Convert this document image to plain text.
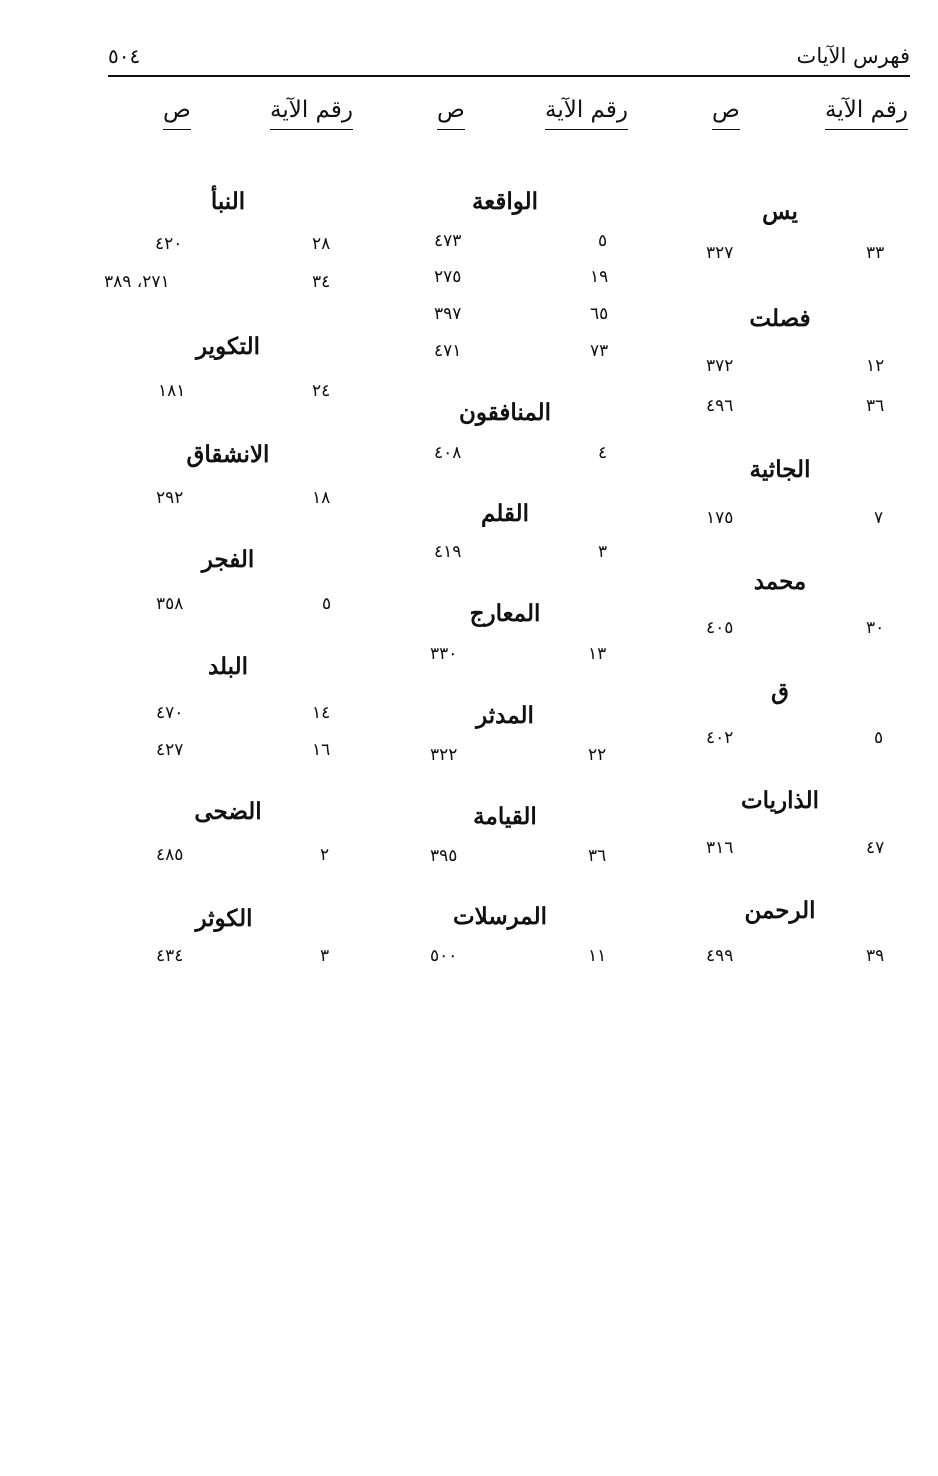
فهرس الآيات
٥٠٤
رقم الآية
ص
رقم الآية
ص
رقم الآية
ص
يس
٣٣
٣٢٧
فصلت
١٢
٣٧٢
٣٦
٤٩٦
الجاثية
٧
١٧٥
محمد
٣٠
٤٠٥
ق
٥
٤٠٢
الذاريات
٤٧
٣١٦
الرحمن
٣٩
٤٩٩
الواقعة
٥
٤٧٣
١٩
٢٧٥
٦٥
٣٩٧
٧٣
٤٧١
المنافقون
٤
٤٠٨
القلم
٣
٤١٩
المعارج
١٣
٣٣٠
المدثر
٢٢
٣٢٢
القيامة
٣٦
٣٩٥
المرسلات
١١
٥٠٠
النبأ
٢٨
٤٢٠
٣٤
٢٧١، ٣٨٩
التكوير
٢٤
١٨١
الانشقاق
١٨
٢٩٢
الفجر
٥
٣٥٨
البلد
١٤
٤٧٠
١٦
٤٢٧
الضحى
٢
٤٨٥
الكوثر
٣
٤٣٤
